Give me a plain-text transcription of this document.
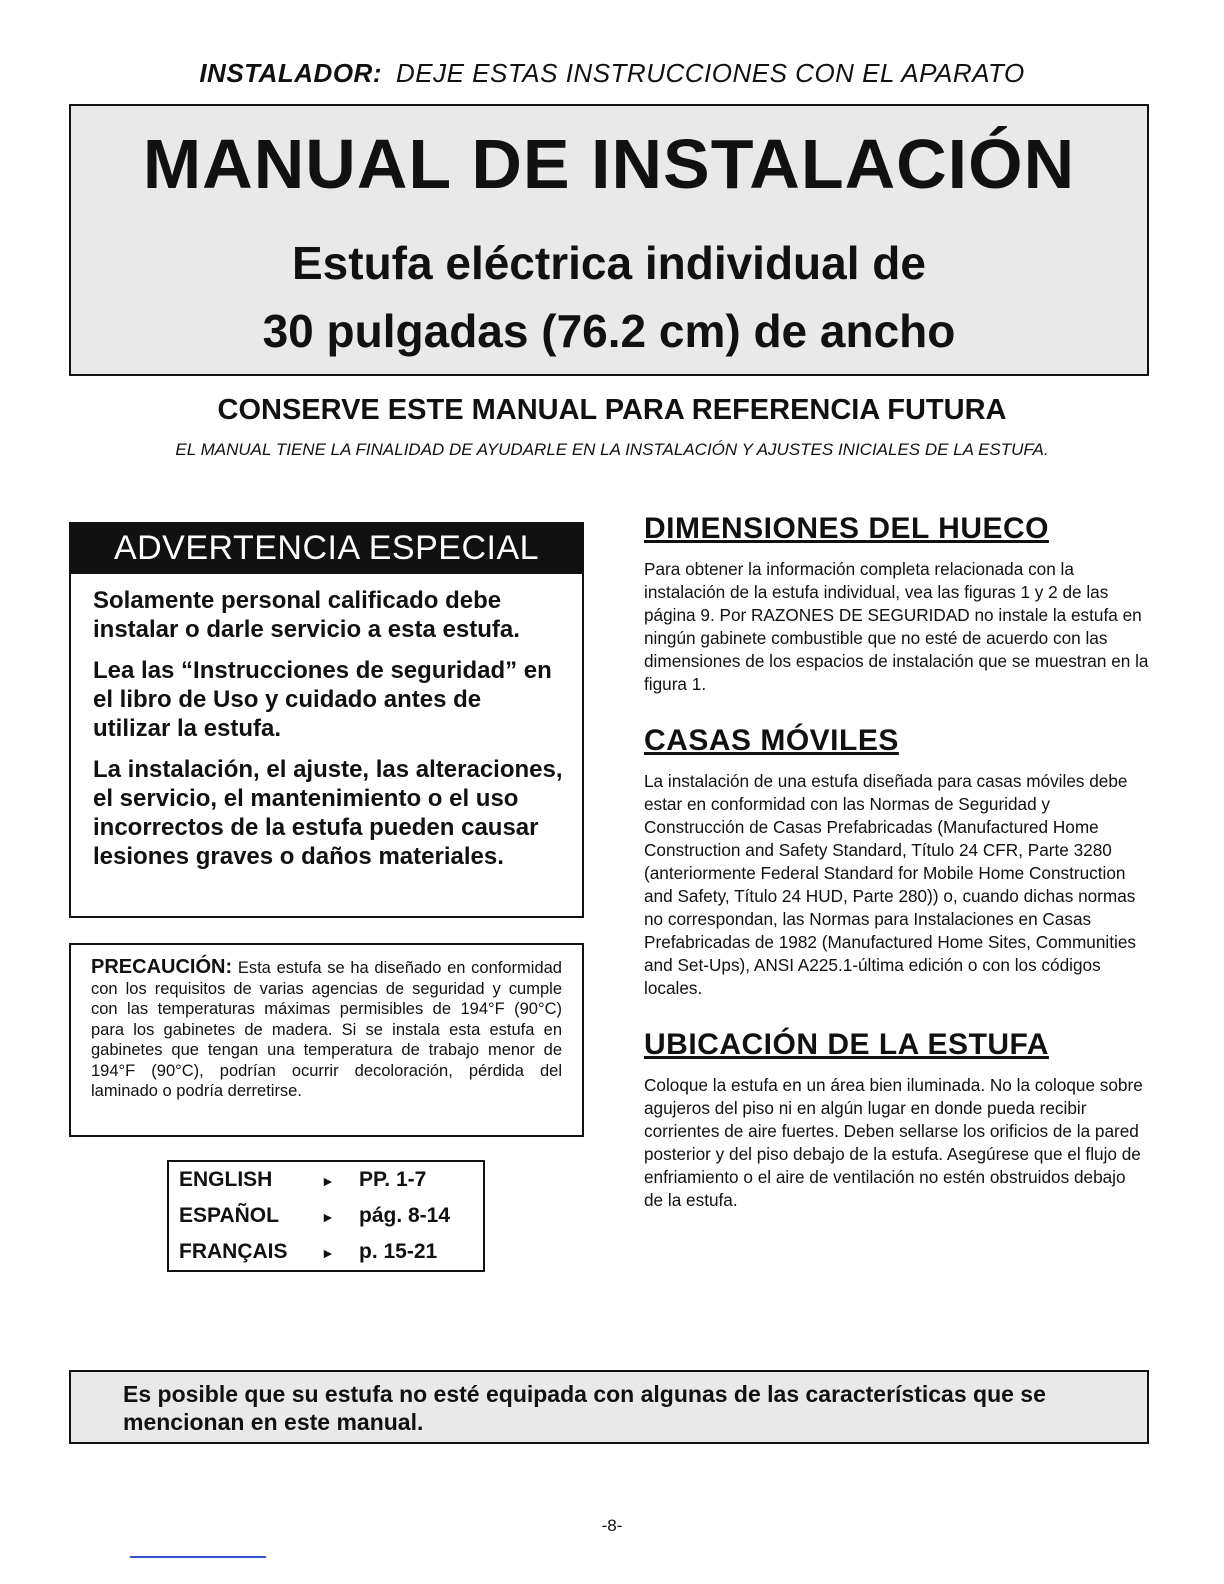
INSTALADOR: DEJE ESTAS INSTRUCCIONES CON EL APARATO
MANUAL DE INSTALACIÓN
Estufa eléctrica individual de
30 pulgadas (76.2 cm) de ancho
CONSERVE ESTE MANUAL PARA REFERENCIA FUTURA
EL MANUAL TIENE LA FINALIDAD DE AYUDARLE EN LA INSTALACIÓN Y AJUSTES INICIALES DE LA ESTUFA.
ADVERTENCIA ESPECIAL

Solamente personal calificado debe instalar o darle servicio a esta estufa.

Lea las “Instrucciones de seguridad” en el libro de Uso y cuidado antes de utilizar la estufa.

La instalación, el ajuste, las alteraciones, el servicio, el mantenimiento o el uso incorrectos de la estufa pueden causar lesiones graves o daños materiales.

PRECAUCIÓN: Esta estufa se ha diseñado en conformidad con los requisitos de varias agencias de seguridad y cumple con las temperaturas máximas permisibles de 194°F (90°C) para los gabinetes de madera. Si se instala esta estufa en gabinetes que tengan una temperatura de trabajo menor de 194°F (90°C), podrían ocurrir decoloración, pérdida del laminado o podría derretirse.
ENGLISH	► PP. 1-7
ESPAÑOL	► pág. 8-14
FRANÇAIS	► p. 15-21
DIMENSIONES DEL HUECO
Para obtener la información completa relacionada con la instalación de la estufa individual, vea las figuras 1 y 2 de las página 9. Por RAZONES DE SEGURIDAD no instale la estufa en ningún gabinete combustible que no esté de acuerdo con las dimensiones de los espacios de instalación que se muestran en la figura 1.
CASAS MÓVILES
La instalación de una estufa diseñada para casas móviles debe estar en conformidad con las Normas de Seguridad y Construcción de Casas Prefabricadas (Manufactured Home Construction and Safety Standard, Título 24 CFR, Parte 3280 (anteriormente Federal Standard for Mobile Home Construction and Safety, Título 24 HUD, Parte 280)) o, cuando dichas normas no correspondan, las Normas para Instalaciones en Casas Prefabricadas de 1982 (Manufactured Home Sites, Communities and Set-Ups), ANSI A225.1-última edición o con los códigos locales.
UBICACIÓN DE LA ESTUFA
Coloque la estufa en un área bien iluminada. No la coloque sobre agujeros del piso ni en algún lugar en donde pueda recibir corrientes de aire fuertes. Deben sellarse los orificios de la pared posterior y del piso debajo de la estufa. Asegúrese que el flujo de enfriamiento o el aire de ventilación no estén obstruidos debajo de la estufa.
Es posible que su estufa no esté equipada con algunas de las características que se mencionan en este manual.
-8-
